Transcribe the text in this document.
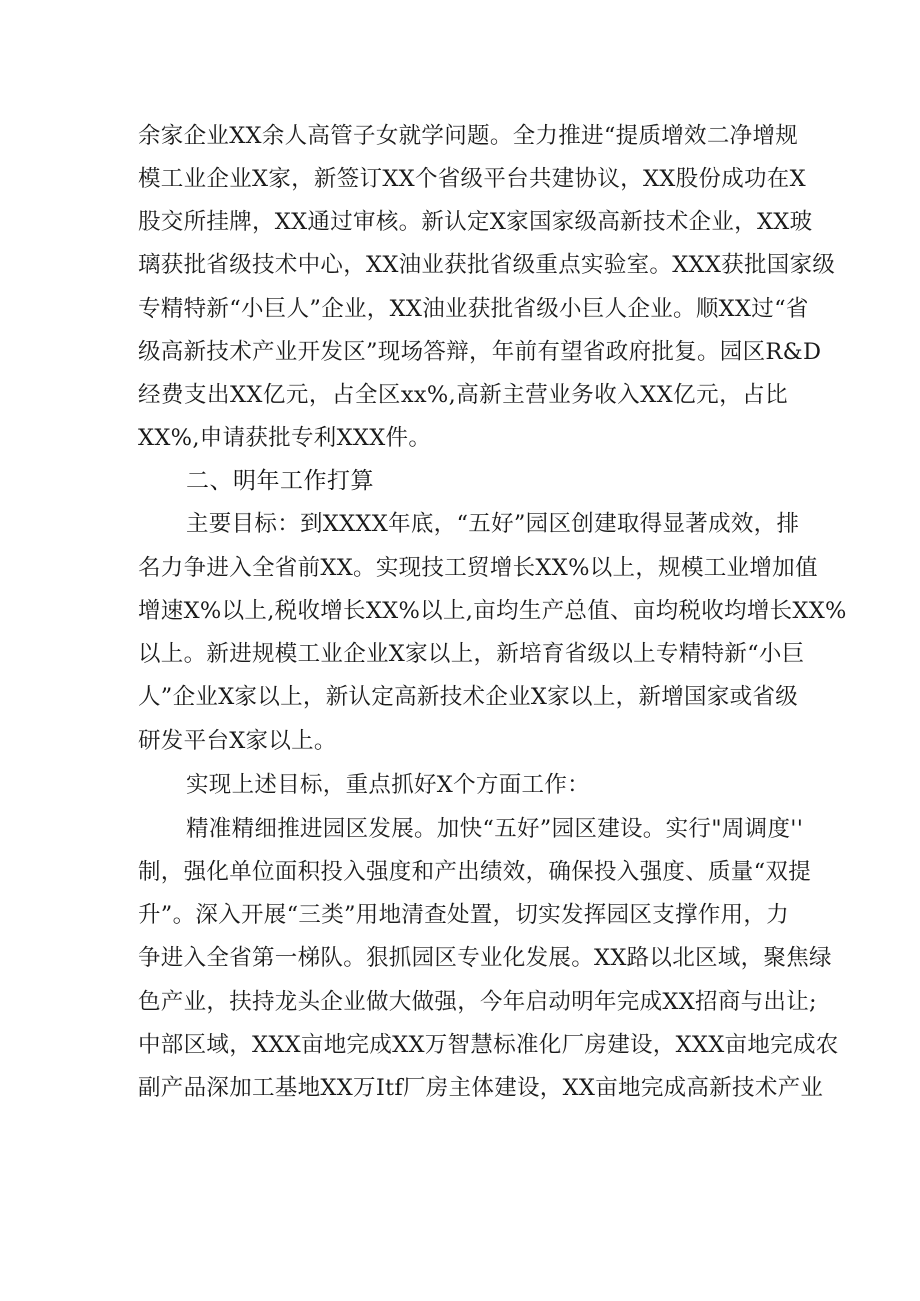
余家企业XX余人高管子女就学问题。全力推进“提质增效二净增规
模工业企业X家，新签订XX个省级平台共建协议，XX股份成功在X
股交所挂牌，XX通过审核。新认定X家国家级高新技术企业，XX玻
璃获批省级技术中心，XX油业获批省级重点实验室。XXX获批国家级
专精特新“小巨人”企业，XX油业获批省级小巨人企业。顺XX过“省
级高新技术产业开发区”现场答辩，年前有望省政府批复。园区R&D
经费支出XX亿元，占全区xx%,高新主营业务收入XX亿元，占比
XX%,申请获批专利XXX件。
二、明年工作打算
主要目标：到XXXX年底，“五好”园区创建取得显著成效，排
名力争进入全省前XX。实现技工贸增长XX%以上，规模工业增加值
增速X%以上,税收增长XX%以上,亩均生产总值、亩均税收均增长XX%
以上。新进规模工业企业X家以上，新培育省级以上专精特新“小巨
人”企业X家以上，新认定高新技术企业X家以上，新增国家或省级
研发平台X家以上。
实现上述目标，重点抓好X个方面工作：
精准精细推进园区发展。加快“五好”园区建设。实行"周调度''
制，强化单位面积投入强度和产出绩效，确保投入强度、质量“双提
升”。深入开展“三类”用地清查处置，切实发挥园区支撑作用，力
争进入全省第一梯队。狠抓园区专业化发展。XX路以北区域，聚焦绿
色产业，扶持龙头企业做大做强，今年启动明年完成XX招商与出让;
中部区域，XXX亩地完成XX万智慧标准化厂房建设，XXX亩地完成农
副产品深加工基地XX万Itf厂房主体建设，XX亩地完成高新技术产业
